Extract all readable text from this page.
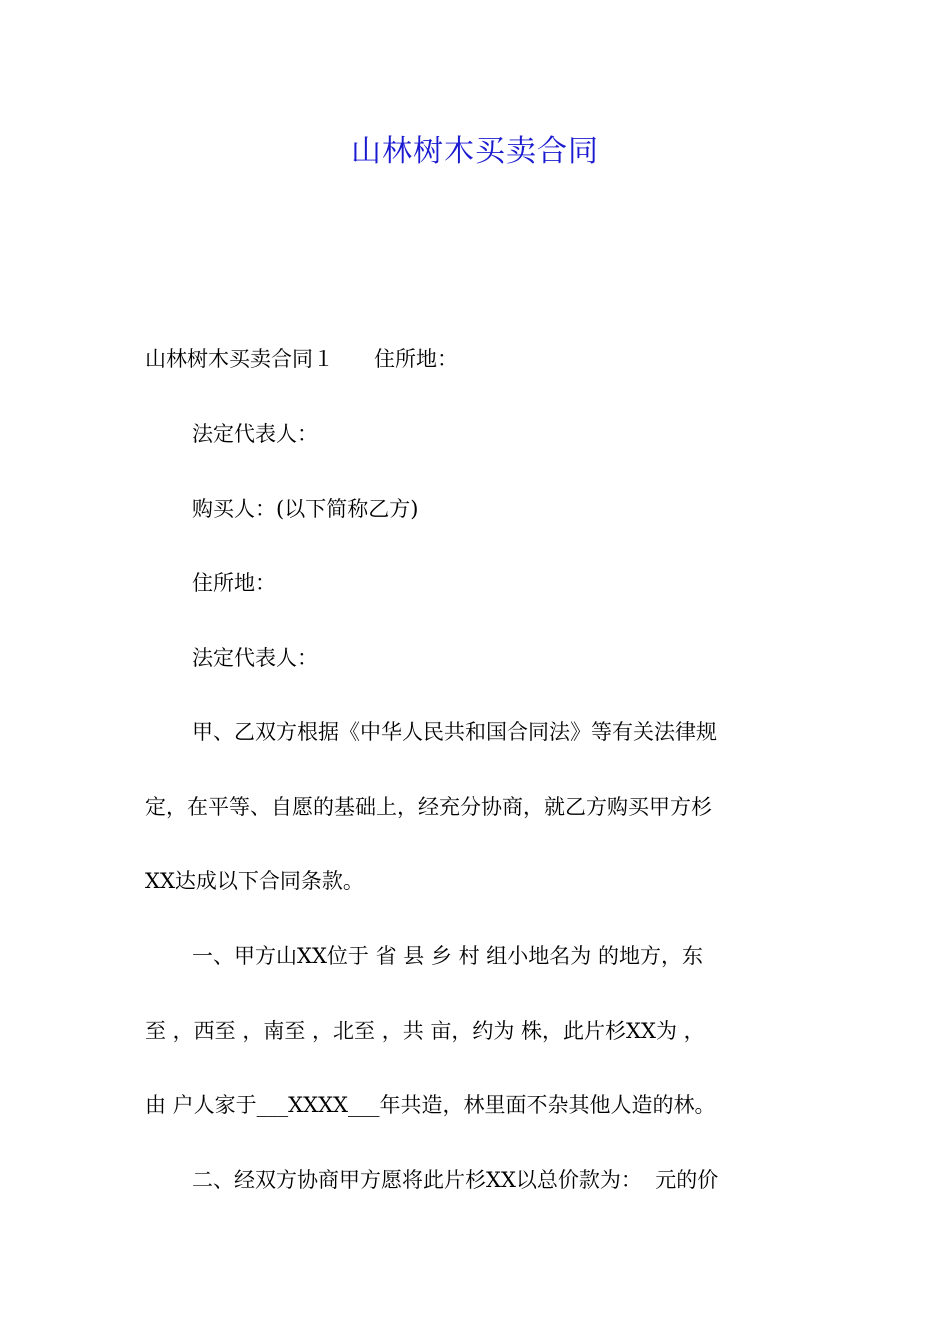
山林树木买卖合同
山林树木买卖合同１      住所地：
法定代表人：
购买人：(以下简称乙方)
住所地：
法定代表人：
甲、乙双方根据《中华人民共和国合同法》等有关法律规
定，在平等、自愿的基础上，经充分协商，就乙方购买甲方杉
XX达成以下合同条款。
一、甲方山XX位于 省 县 乡 村 组小地名为 的地方，东
至 ，西至 ，南至 ，北至 ，共 亩，约为 株，此片杉XX为 ，
由 户人家于___XXXX___年共造，林里面不杂其他人造的林。
二、经双方协商甲方愿将此片杉XX以总价款为：  元的价
